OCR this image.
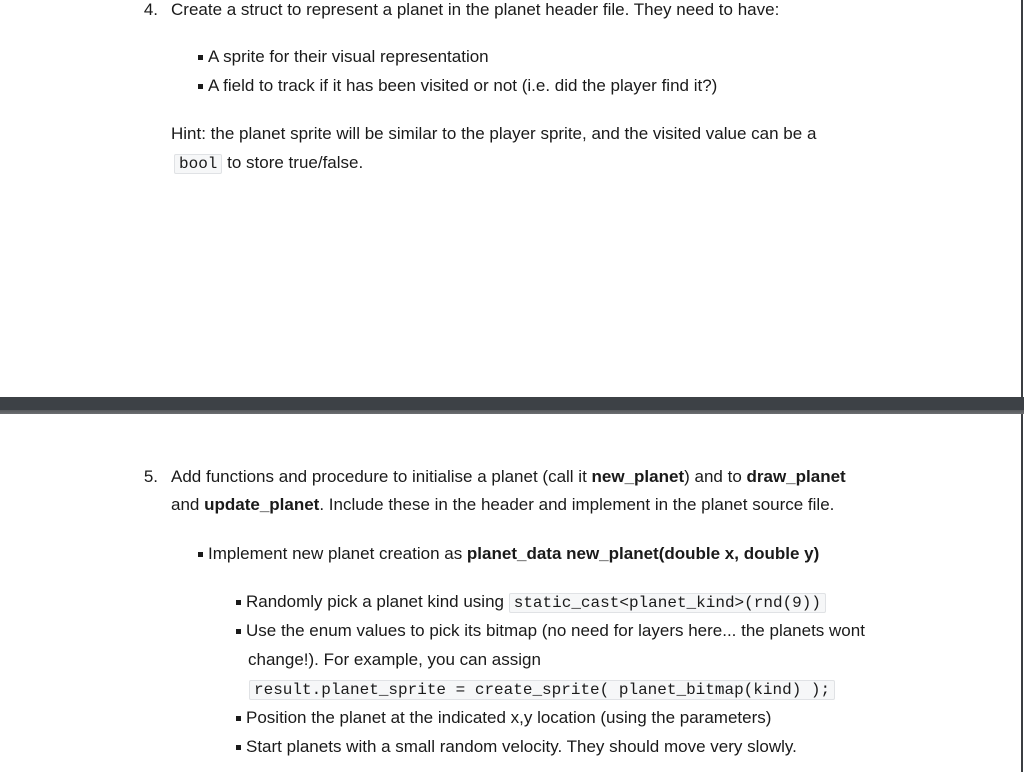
4. Create a struct to represent a planet in the planet header file. They need to have:
A sprite for their visual representation
A field to track if it has been visited or not (i.e. did the player find it?)
Hint: the planet sprite will be similar to the player sprite, and the visited value can be a
bool to store true/false.
5. Add functions and procedure to initialise a planet (call it new_planet) and to draw_planet
and update_planet. Include these in the header and implement in the planet source file.
Implement new planet creation as planet_data new_planet(double x, double y)
Randomly pick a planet kind using static_cast<planet_kind>(rnd(9))
Use the enum values to pick its bitmap (no need for layers here... the planets wont
change!). For example, you can assign
result.planet_sprite = create_sprite( planet_bitmap(kind) );
Position the planet at the indicated x,y location (using the parameters)
Start planets with a small random velocity. They should move very slowly.
